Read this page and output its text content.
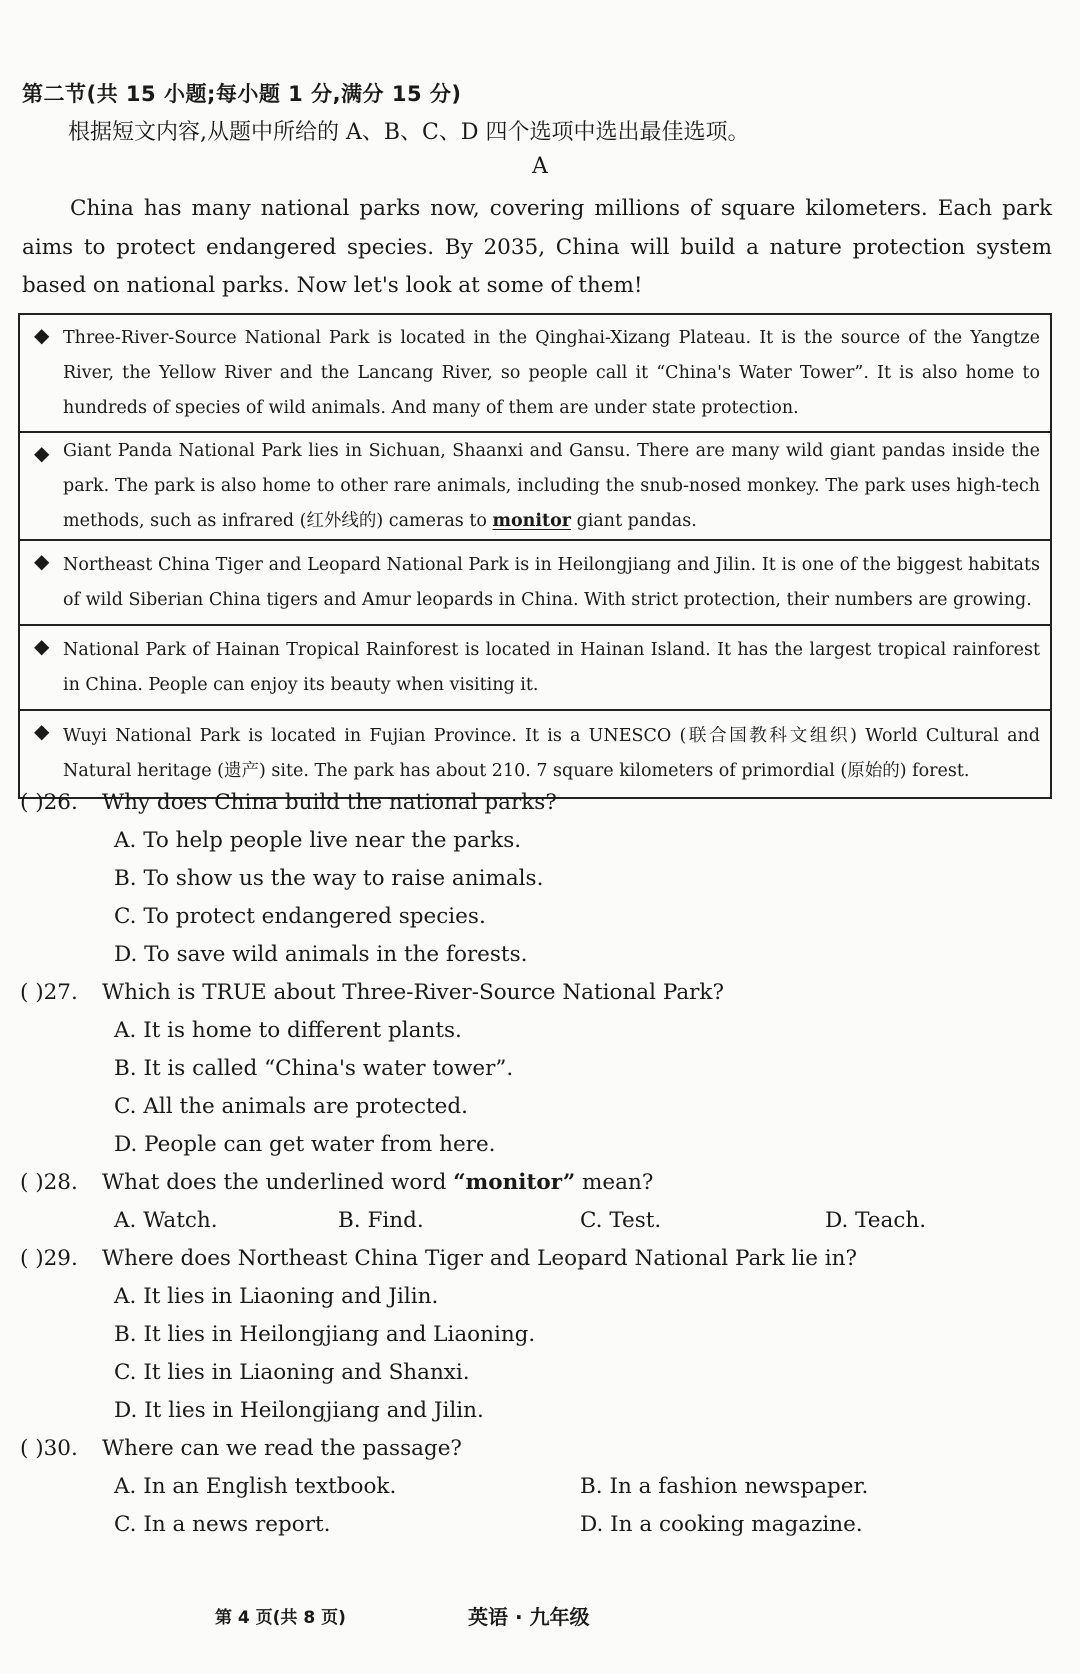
第二节(共 15 小题;每小题 1 分,满分 15 分)
根据短文内容,从题中所给的 A、B、C、D 四个选项中选出最佳选项。
A
China has many national parks now, covering millions of square kilometers. Each park aims to protect endangered species. By 2035, China will build a nature protection system based on national parks. Now let's look at some of them!
◆ Three-River-Source National Park is located in the Qinghai-Xizang Plateau. It is the source of the Yangtze River, the Yellow River and the Lancang River, so people call it “China's Water Tower”. It is also home to hundreds of species of wild animals. And many of them are under state protection.
◆ Giant Panda National Park lies in Sichuan, Shaanxi and Gansu. There are many wild giant pandas inside the park. The park is also home to other rare animals, including the snub-nosed monkey. The park uses high-tech methods, such as infrared (红外线的) cameras to monitor giant pandas.
◆ Northeast China Tiger and Leopard National Park is in Heilongjiang and Jilin. It is one of the biggest habitats of wild Siberian China tigers and Amur leopards in China. With strict protection, their numbers are growing.
◆ National Park of Hainan Tropical Rainforest is located in Hainan Island. It has the largest tropical rainforest in China. People can enjoy its beauty when visiting it.
◆ Wuyi National Park is located in Fujian Province. It is a UNESCO (联合国教科文组织) World Cultural and Natural heritage (遗产) site. The park has about 210. 7 square kilometers of primordial (原始的) forest.
( )26. Why does China build the national parks?
A. To help people live near the parks.
B. To show us the way to raise animals.
C. To protect endangered species.
D. To save wild animals in the forests.
( )27. Which is TRUE about Three-River-Source National Park?
A. It is home to different plants.
B. It is called “China's water tower”.
C. All the animals are protected.
D. People can get water from here.
( )28. What does the underlined word “monitor” mean?
A. Watch.	B. Find.	C. Test.	D. Teach.
( )29. Where does Northeast China Tiger and Leopard National Park lie in?
A. It lies in Liaoning and Jilin.
B. It lies in Heilongjiang and Liaoning.
C. It lies in Liaoning and Shanxi.
D. It lies in Heilongjiang and Jilin.
( )30. Where can we read the passage?
A. In an English textbook.	B. In a fashion newspaper.
C. In a news report.	D. In a cooking magazine.
第 4 页(共 8 页)	英语 · 九年级
